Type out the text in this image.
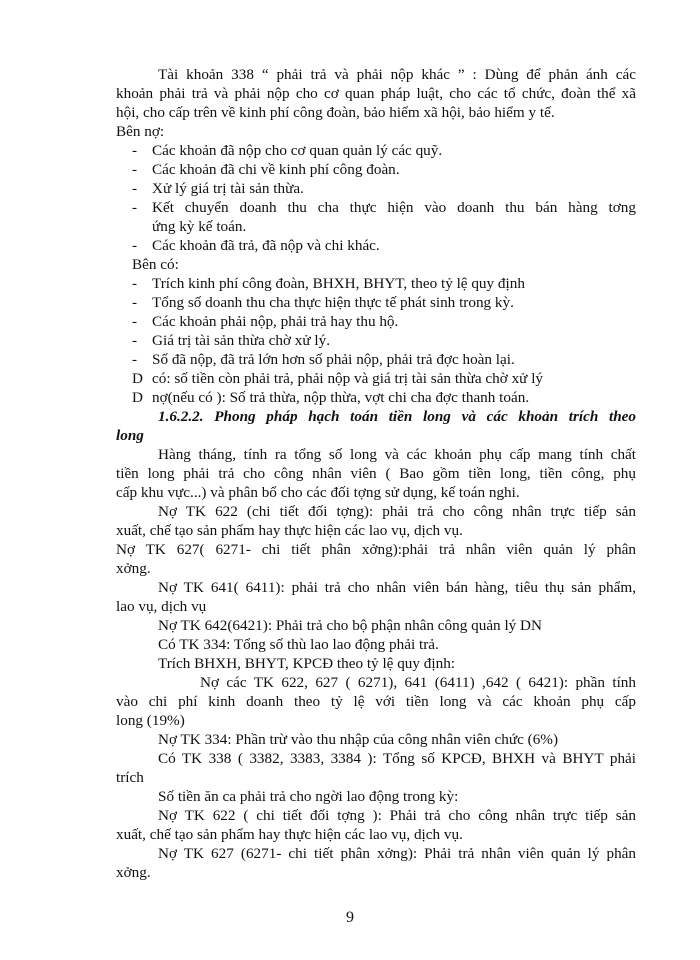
Tài khoản 338 “ phải trả và phải nộp khác ” : Dùng để phản ánh các
khoản phải trả và phải nộp cho cơ quan pháp luật, cho các tổ chức, đoàn thể xã
hội, cho cấp trên về kinh phí công đoàn, bảo hiểm xã hội, bảo hiểm y tế.
Bên nợ:
- Các khoản đã nộp cho cơ quan quản lý các quỹ.
- Các khoản đã chi về kinh phí công đoàn.
- Xử lý giá trị tài sản thừa.
- Kết chuyển doanh thu cha thực hiện vào doanh thu bán hàng tơng
ứng kỳ kế toán.
- Các khoản đã trả, đã nộp và chi khác.
Bên có:
- Trích kinh phí công đoàn, BHXH, BHYT, theo tỷ lệ quy định
- Tổng số doanh thu cha thực hiện thực tế phát sinh trong kỳ.
- Các khoản phải nộp, phải trả hay thu hộ.
- Giá trị tài sản thừa chờ xử lý.
- Số đã nộp, đã trả lớn hơn số phải nộp, phải trả đợc hoàn lại.
D có: số tiền còn phải trả, phải nộp và giá trị tài sản thừa chờ xử lý
D nợ(nếu có ): Số trả thừa, nộp thừa, vợt chi cha đợc thanh toán.
1.6.2.2. Phong pháp hạch toán tiền long và các khoản trích theo
long
Hàng tháng, tính ra tổng số long và các khoản phụ cấp mang tính chất
tiền long phải trả cho công nhân viên ( Bao gồm tiền long, tiền công, phụ
cấp khu vực...) và phân bổ cho các đối tợng sử dụng, kế toán nghi.
Nợ TK 622 (chi tiết đối tợng): phải trả cho công nhân trực tiếp sản
xuất, chế tạo sản phẩm hay thực hiện các lao vụ, dịch vụ.
Nợ TK 627( 6271- chi tiết phân xởng):phải trả nhân viên quản lý phân
xởng.
Nợ TK 641( 6411): phải trả cho nhân viên bán hàng, tiêu thụ sản phẩm,
lao vụ, dịch vụ
Nợ TK 642(6421): Phải trả cho bộ phận nhân công quản lý DN
Có TK 334: Tổng số thù lao lao động phải trả.
Trích BHXH, BHYT, KPCĐ theo tỷ lệ quy định:
Nợ các TK 622, 627 ( 6271), 641 (6411) ,642 ( 6421): phần tính
vào chi phí kinh doanh theo tỷ lệ với tiền long và các khoản phụ cấp
long (19%)
Nợ TK 334: Phần trừ vào thu nhập của công nhân viên chức (6%)
Có TK 338 ( 3382, 3383, 3384 ): Tổng số KPCĐ, BHXH và BHYT phải
trích
Số tiền ăn ca phải trả cho ngời lao động trong kỳ:
Nợ TK 622 ( chi tiết đối tợng ): Phải trả cho công nhân trực tiếp sản
xuất, chế tạo sản phẩm hay thực hiện các lao vụ, dịch vụ.
Nợ TK 627 (6271- chi tiết phân xởng): Phải trả nhân viên quản lý phân
xởng.
9
